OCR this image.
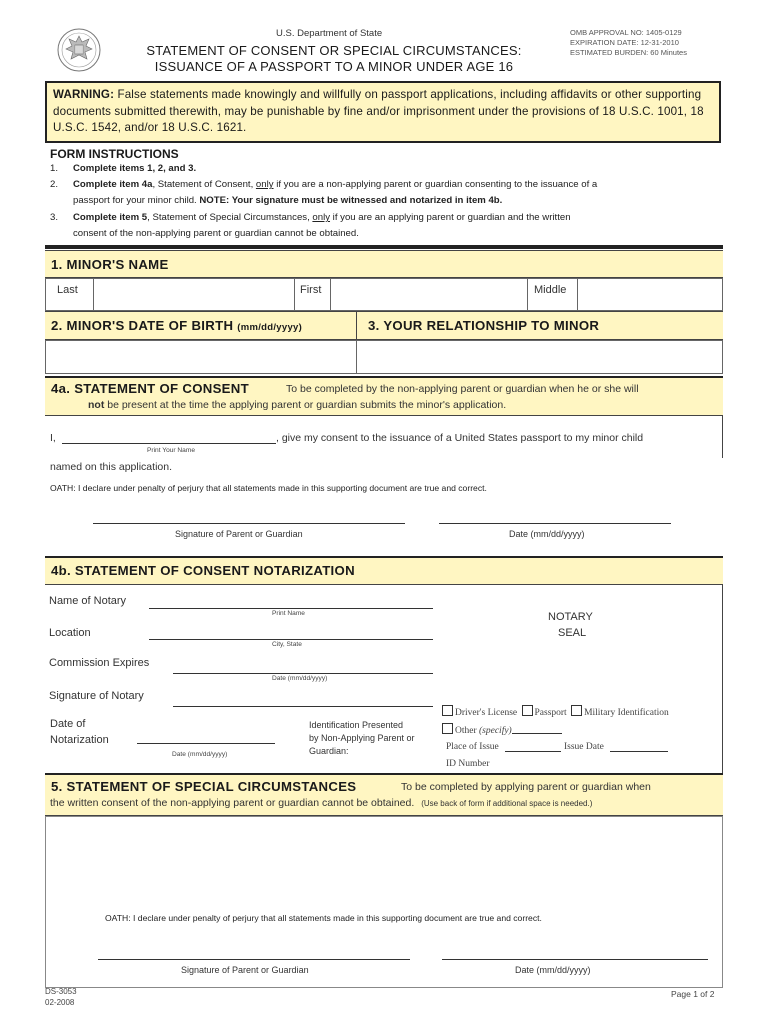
U.S. Department of State
STATEMENT OF CONSENT OR SPECIAL CIRCUMSTANCES:
ISSUANCE OF A PASSPORT TO A MINOR UNDER AGE 16
OMB APPROVAL NO: 1405-0129
EXPIRATION DATE: 12-31-2010
ESTIMATED BURDEN: 60 Minutes
WARNING: False statements made knowingly and willfully on passport applications, including affidavits or other supporting documents submitted therewith, may be punishable by fine and/or imprisonment under the provisions of 18 U.S.C. 1001, 18 U.S.C. 1542, and/or 18 U.S.C. 1621.
FORM INSTRUCTIONS
1. Complete items 1, 2, and 3.
2. Complete item 4a, Statement of Consent, only if you are a non-applying parent or guardian consenting to the issuance of a
passport for your minor child. NOTE: Your signature must be witnessed and notarized in item 4b.
3. Complete item 5, Statement of Special Circumstances, only if you are an applying parent or guardian and the written
consent of the non-applying parent or guardian cannot be obtained.
1. MINOR'S NAME
Last	First	Middle
2. MINOR'S DATE OF BIRTH (mm/dd/yyyy)	3. YOUR RELATIONSHIP TO MINOR
4a. STATEMENT OF CONSENT	To be completed by the non-applying parent or guardian when he or she will
not be present at the time the applying parent or guardian submits the minor's application.
I,	, give my consent to the issuance of a United States passport to my minor child
Print Your Name
named on this application.
OATH: I declare under penalty of perjury that all statements made in this supporting document are true and correct.
Signature of Parent or Guardian	Date (mm/dd/yyyy)
4b. STATEMENT OF CONSENT NOTARIZATION
Name of Notary
Print Name
Location
City, State
Commission Expires
Date (mm/dd/yyyy)
Signature of Notary
Date of
Notarization
Date (mm/dd/yyyy)
NOTARY
SEAL
Identification Presented
by Non-Applying Parent or
Guardian:
Driver's License Passport Military Identification
Other (specify)
Place of Issue	Issue Date
ID Number
5. STATEMENT OF SPECIAL CIRCUMSTANCES	To be completed by applying parent or guardian when
the written consent of the non-applying parent or guardian cannot be obtained. (Use back of form if additional space is needed.)
OATH: I declare under penalty of perjury that all statements made in this supporting document are true and correct.
Signature of Parent or Guardian	Date (mm/dd/yyyy)
DS-3053
02-2008
Page 1 of 2
